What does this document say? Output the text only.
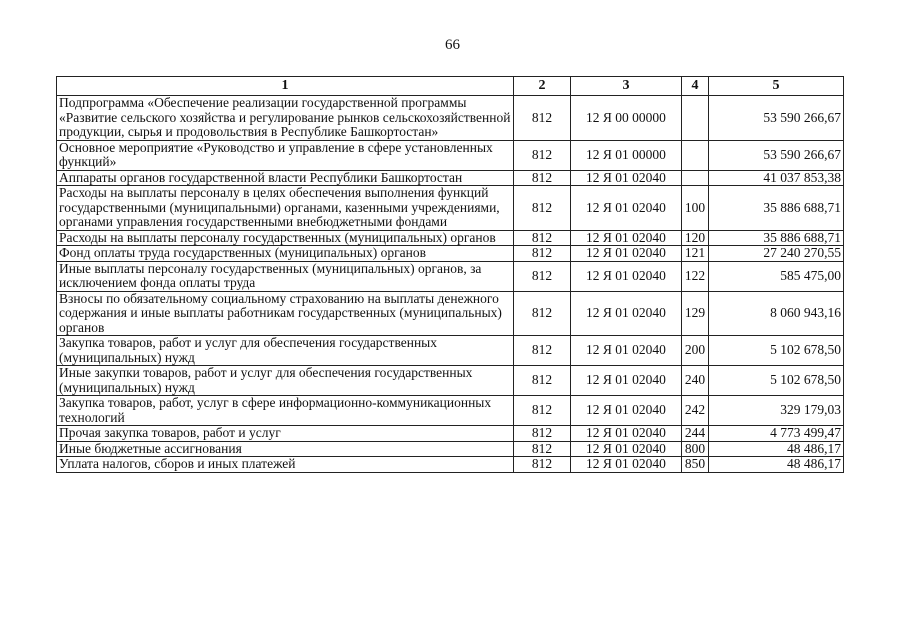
66
1	2	3	4	5
Подпрограмма «Обеспечение реализации государственной программы «Развитие сельского хозяйства и регулирование рынков сельскохозяйственной продукции, сырья и продовольствия в Республике Башкортостан»	812	12 Я 00 00000		53 590 266,67
Основное мероприятие «Руководство и управление в сфере установленных функций»	812	12 Я 01 00000		53 590 266,67
Аппараты органов государственной власти Республики Башкортостан	812	12 Я 01 02040		41 037 853,38
Расходы на выплаты персоналу в целях обеспечения выполнения функций государственными (муниципальными) органами, казенными учреждениями, органами управления государственными внебюджетными фондами	812	12 Я 01 02040	100	35 886 688,71
Расходы на выплаты персоналу государственных (муниципальных) органов	812	12 Я 01 02040	120	35 886 688,71
Фонд оплаты труда государственных (муниципальных) органов	812	12 Я 01 02040	121	27 240 270,55
Иные выплаты персоналу государственных (муниципальных) органов, за исключением фонда оплаты труда	812	12 Я 01 02040	122	585 475,00
Взносы по обязательному социальному страхованию на выплаты денежного содержания и иные выплаты работникам государственных (муниципальных) органов	812	12 Я 01 02040	129	8 060 943,16
Закупка товаров, работ и услуг для обеспечения государственных (муниципальных) нужд	812	12 Я 01 02040	200	5 102 678,50
Иные закупки товаров, работ и услуг для обеспечения государственных (муниципальных) нужд	812	12 Я 01 02040	240	5 102 678,50
Закупка товаров, работ, услуг в сфере информационно-коммуникационных технологий	812	12 Я 01 02040	242	329 179,03
Прочая закупка товаров, работ и услуг	812	12 Я 01 02040	244	4 773 499,47
Иные бюджетные ассигнования	812	12 Я 01 02040	800	48 486,17
Уплата налогов, сборов и иных платежей	812	12 Я 01 02040	850	48 486,17
